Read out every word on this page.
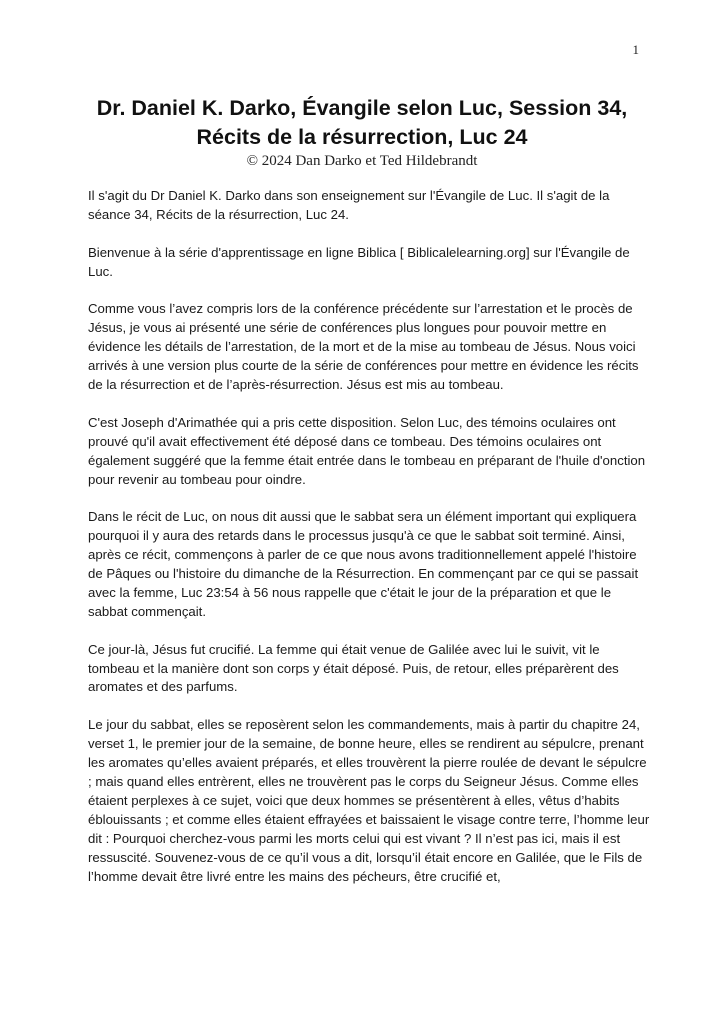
1

Dr. Daniel K. Darko, Évangile selon Luc, Session 34,

Récits de la résurrection, Luc 24

© 2024 Dan Darko et Ted Hildebrandt

Il s'agit du Dr Daniel K. Darko dans son enseignement sur l'Évangile de Luc. Il s'agit de la séance 34, Récits de la résurrection, Luc 24.

Bienvenue à la série d'apprentissage en ligne Biblica [ Biblicalelearning.org] sur l'Évangile de Luc.

Comme vous l’avez compris lors de la conférence précédente sur l’arrestation et le procès de Jésus, je vous ai présenté une série de conférences plus longues pour pouvoir mettre en évidence les détails de l’arrestation, de la mort et de la mise au tombeau de Jésus. Nous voici arrivés à une version plus courte de la série de conférences pour mettre en évidence les récits de la résurrection et de l’après-résurrection. Jésus est mis au tombeau.

C'est Joseph d'Arimathée qui a pris cette disposition. Selon Luc, des témoins oculaires ont prouvé qu'il avait effectivement été déposé dans ce tombeau. Des témoins oculaires ont également suggéré que la femme était entrée dans le tombeau en préparant de l'huile d'onction pour revenir au tombeau pour oindre.

Dans le récit de Luc, on nous dit aussi que le sabbat sera un élément important qui expliquera pourquoi il y aura des retards dans le processus jusqu'à ce que le sabbat soit terminé. Ainsi, après ce récit, commençons à parler de ce que nous avons traditionnellement appelé l'histoire de Pâques ou l'histoire du dimanche de la Résurrection. En commençant par ce qui se passait avec la femme, Luc 23:54 à 56 nous rappelle que c'était le jour de la préparation et que le sabbat commençait.

Ce jour-là, Jésus fut crucifié. La femme qui était venue de Galilée avec lui le suivit, vit le tombeau et la manière dont son corps y était déposé. Puis, de retour, elles préparèrent des aromates et des parfums.

Le jour du sabbat, elles se reposèrent selon les commandements, mais à partir du chapitre 24, verset 1, le premier jour de la semaine, de bonne heure, elles se rendirent au sépulcre, prenant les aromates qu’elles avaient préparés, et elles trouvèrent la pierre roulée de devant le sépulcre ; mais quand elles entrèrent, elles ne trouvèrent pas le corps du Seigneur Jésus. Comme elles étaient perplexes à ce sujet, voici que deux hommes se présentèrent à elles, vêtus d’habits éblouissants ; et comme elles étaient effrayées et baissaient le visage contre terre, l’homme leur dit : Pourquoi cherchez-vous parmi les morts celui qui est vivant ? Il n’est pas ici, mais il est ressuscité. Souvenez-vous de ce qu’il vous a dit, lorsqu’il était encore en Galilée, que le Fils de l’homme devait être livré entre les mains des pécheurs, être crucifié et,
